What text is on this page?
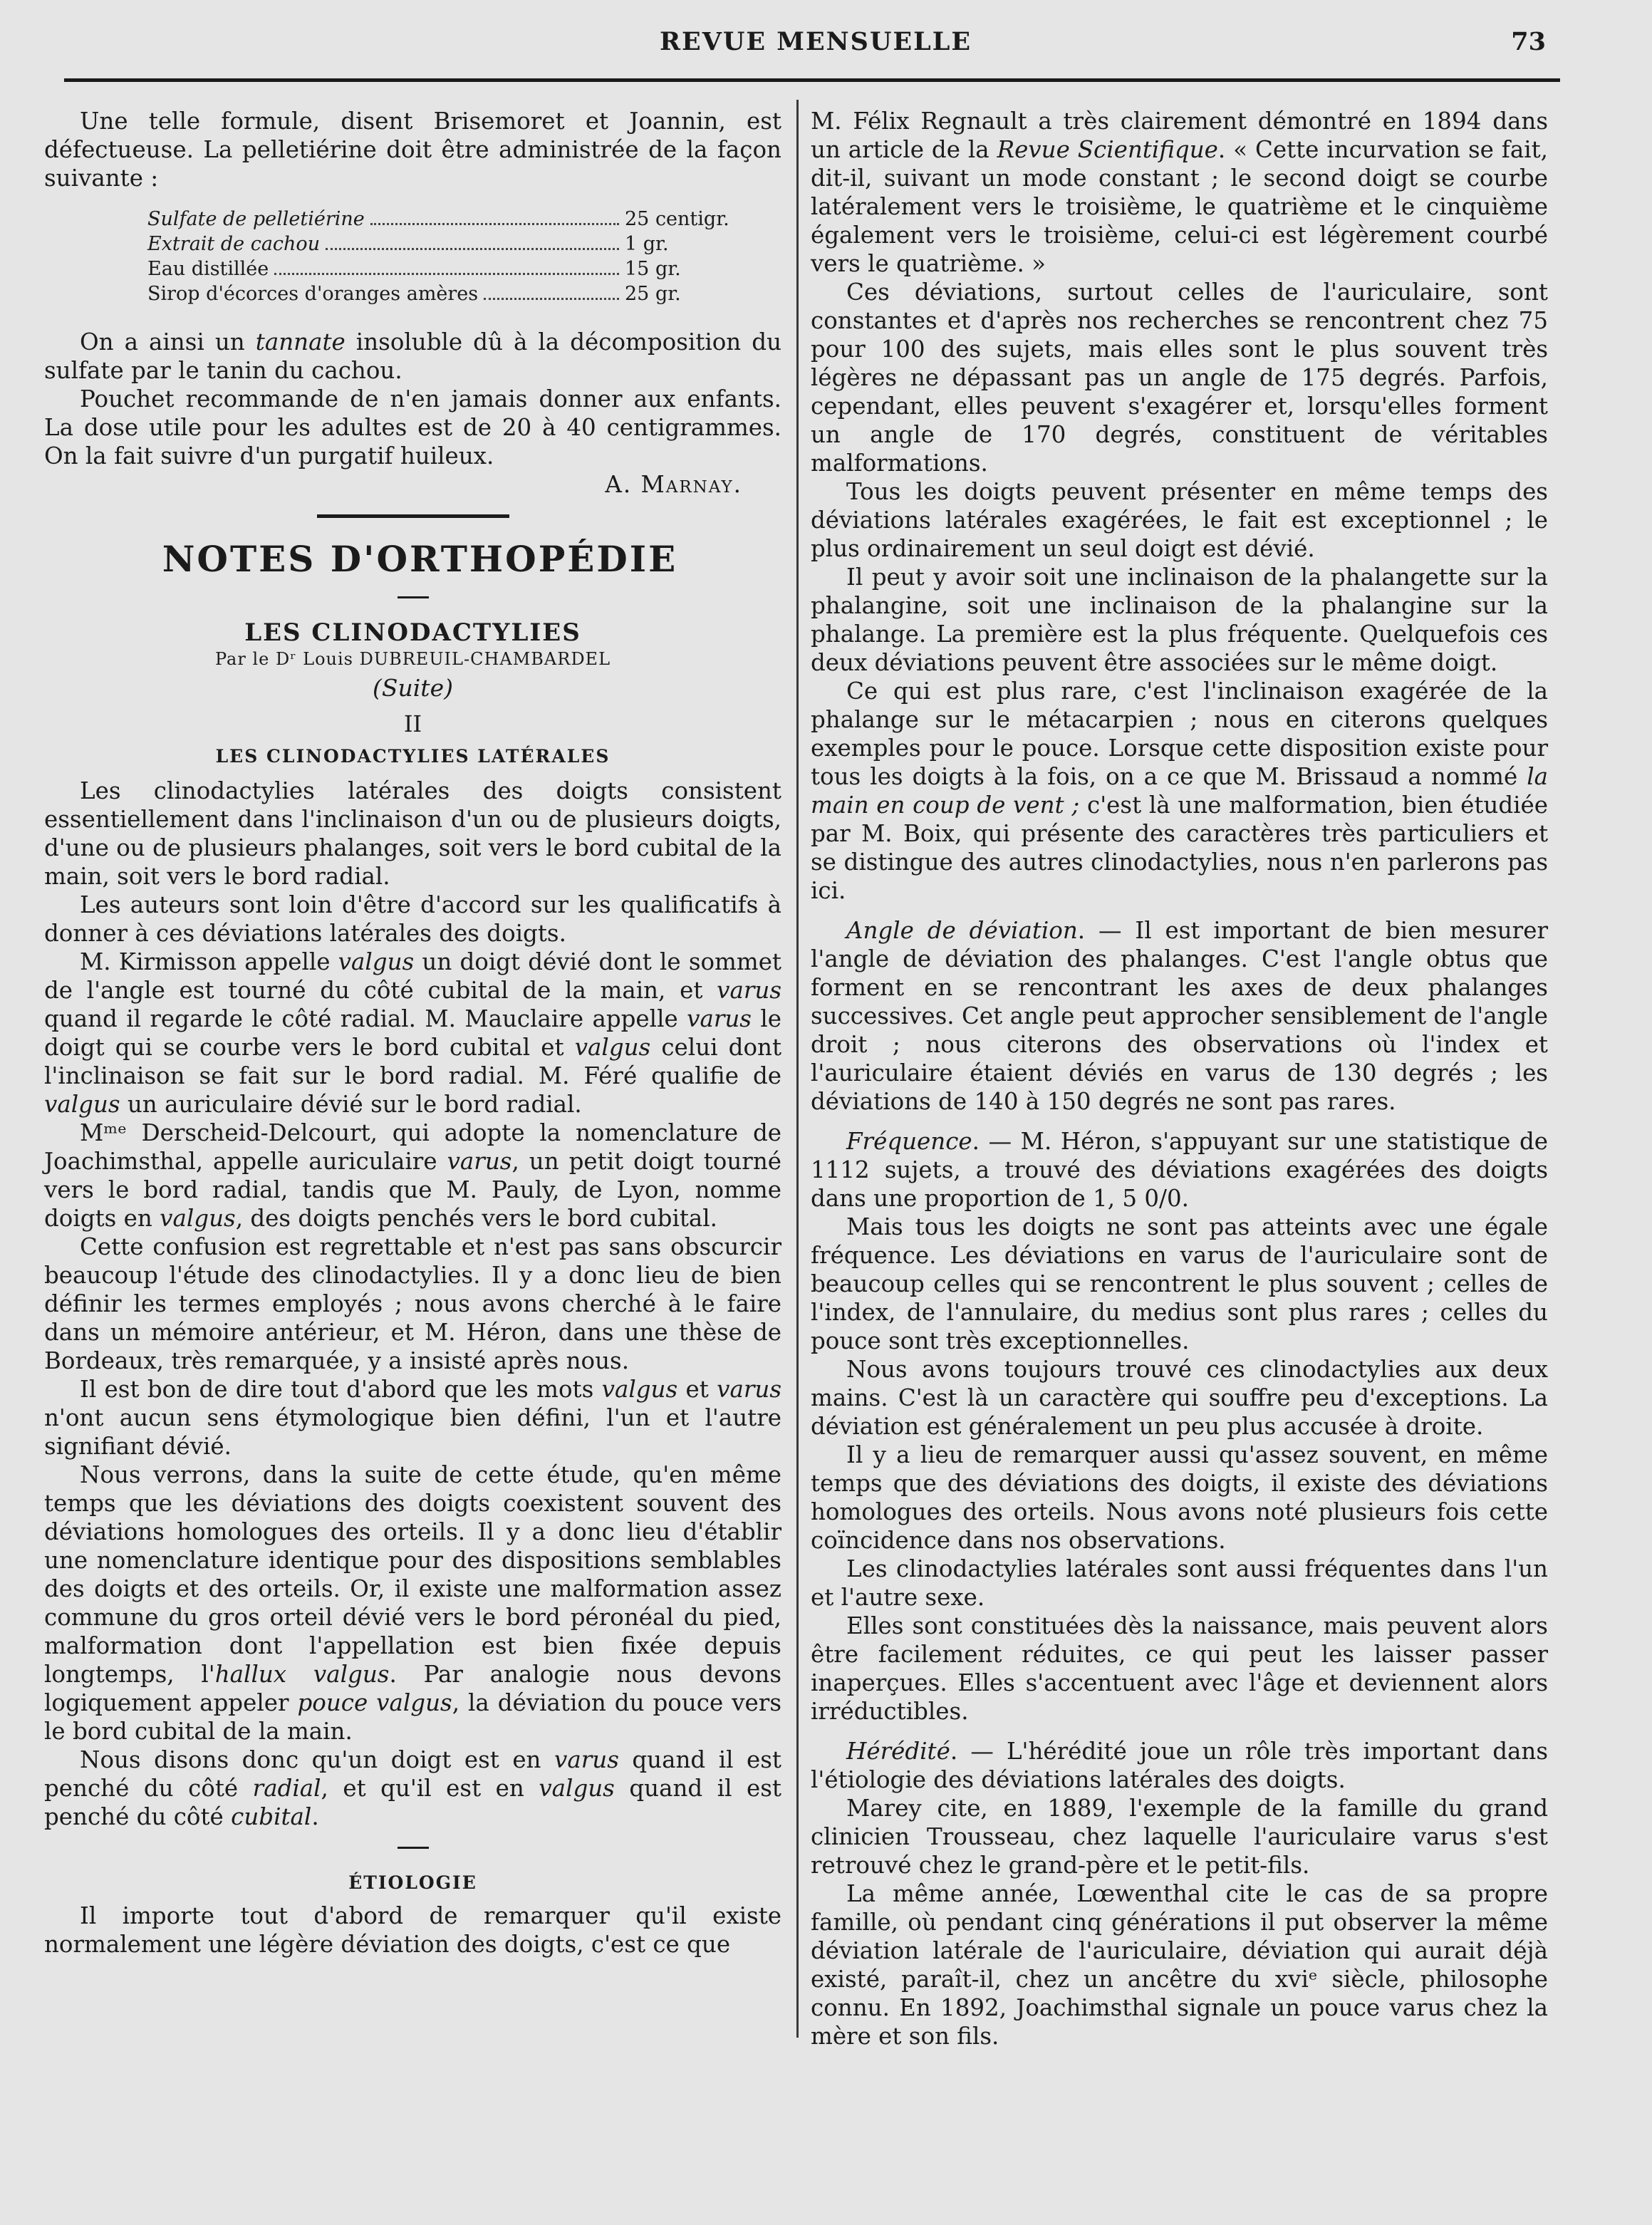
REVUE MENSUELLE	73

Une telle formule, disent Brisemoret et Joannin, est défectueuse. La pelletiérine doit être administrée de la façon suivante :

Sulfate de pelletiérine	25 centigr.
Extrait de cachou	1 gr.
Eau distillée	15 gr.
Sirop d'écorces d'oranges amères	25 gr.

On a ainsi un tannate insoluble dû à la décomposition du sulfate par le tanin du cachou.

Pouchet recommande de n'en jamais donner aux enfants. La dose utile pour les adultes est de 20 à 40 centigrammes. On la fait suivre d'un purgatif huileux.

A. Marnay.
NOTES D'ORTHOPÉDIE
LES CLINODACTYLIES
Par le Dʳ Louis DUBREUIL-CHAMBARDEL
(Suite)
II
LES CLINODACTYLIES LATÉRALES

Les clinodactylies latérales des doigts consistent essentiellement dans l'inclinaison d'un ou de plusieurs doigts, d'une ou de plusieurs phalanges, soit vers le bord cubital de la main, soit vers le bord radial.

Les auteurs sont loin d'être d'accord sur les qualificatifs à donner à ces déviations latérales des doigts.

M. Kirmisson appelle valgus un doigt dévié dont le sommet de l'angle est tourné du côté cubital de la main, et varus quand il regarde le côté radial. M. Mauclaire appelle varus le doigt qui se courbe vers le bord cubital et valgus celui dont l'inclinaison se fait sur le bord radial. M. Féré qualifie de valgus un auriculaire dévié sur le bord radial.

Mᵐᵉ Derscheid-Delcourt, qui adopte la nomenclature de Joachimsthal, appelle auriculaire varus, un petit doigt tourné vers le bord radial, tandis que M. Pauly, de Lyon, nomme doigts en valgus, des doigts penchés vers le bord cubital.

Cette confusion est regrettable et n'est pas sans obscurcir beaucoup l'étude des clinodactylies. Il y a donc lieu de bien définir les termes employés ; nous avons cherché à le faire dans un mémoire antérieur, et M. Héron, dans une thèse de Bordeaux, très remarquée, y a insisté après nous.

Il est bon de dire tout d'abord que les mots valgus et varus n'ont aucun sens étymologique bien défini, l'un et l'autre signifiant dévié.

Nous verrons, dans la suite de cette étude, qu'en même temps que les déviations des doigts coexistent souvent des déviations homologues des orteils. Il y a donc lieu d'établir une nomenclature identique pour des dispositions semblables des doigts et des orteils. Or, il existe une malformation assez commune du gros orteil dévié vers le bord péronéal du pied, malformation dont l'appellation est bien fixée depuis longtemps, l'hallux valgus. Par analogie nous devons logiquement appeler pouce valgus, la déviation du pouce vers le bord cubital de la main.

Nous disons donc qu'un doigt est en varus quand il est penché du côté radial, et qu'il est en valgus quand il est penché du côté cubital.

ÉTIOLOGIE

Il importe tout d'abord de remarquer qu'il existe normalement une légère déviation des doigts, c'est ce que

M. Félix Regnault a très clairement démontré en 1894 dans un article de la Revue Scientifique. « Cette incurvation se fait, dit-il, suivant un mode constant ; le second doigt se courbe latéralement vers le troisième, le quatrième et le cinquième également vers le troisième, celui-ci est légèrement courbé vers le quatrième. »

Ces déviations, surtout celles de l'auriculaire, sont constantes et d'après nos recherches se rencontrent chez 75 pour 100 des sujets, mais elles sont le plus souvent très légères ne dépassant pas un angle de 175 degrés. Parfois, cependant, elles peuvent s'exagérer et, lorsqu'elles forment un angle de 170 degrés, constituent de véritables malformations.

Tous les doigts peuvent présenter en même temps des déviations latérales exagérées, le fait est exceptionnel ; le plus ordinairement un seul doigt est dévié.

Il peut y avoir soit une inclinaison de la phalangette sur la phalangine, soit une inclinaison de la phalangine sur la phalange. La première est la plus fréquente. Quelquefois ces deux déviations peuvent être associées sur le même doigt.

Ce qui est plus rare, c'est l'inclinaison exagérée de la phalange sur le métacarpien ; nous en citerons quelques exemples pour le pouce. Lorsque cette disposition existe pour tous les doigts à la fois, on a ce que M. Brissaud a nommé la main en coup de vent ; c'est là une malformation, bien étudiée par M. Boix, qui présente des caractères très particuliers et se distingue des autres clinodactylies, nous n'en parlerons pas ici.

Angle de déviation. — Il est important de bien mesurer l'angle de déviation des phalanges. C'est l'angle obtus que forment en se rencontrant les axes de deux phalanges successives. Cet angle peut approcher sensiblement de l'angle droit ; nous citerons des observations où l'index et l'auriculaire étaient déviés en varus de 130 degrés ; les déviations de 140 à 150 degrés ne sont pas rares.

Fréquence. — M. Héron, s'appuyant sur une statistique de 1112 sujets, a trouvé des déviations exagérées des doigts dans une proportion de 1, 5 0/0.

Mais tous les doigts ne sont pas atteints avec une égale fréquence. Les déviations en varus de l'auriculaire sont de beaucoup celles qui se rencontrent le plus souvent ; celles de l'index, de l'annulaire, du medius sont plus rares ; celles du pouce sont très exceptionnelles.

Nous avons toujours trouvé ces clinodactylies aux deux mains. C'est là un caractère qui souffre peu d'exceptions. La déviation est généralement un peu plus accusée à droite.

Il y a lieu de remarquer aussi qu'assez souvent, en même temps que des déviations des doigts, il existe des déviations homologues des orteils. Nous avons noté plusieurs fois cette coïncidence dans nos observations.

Les clinodactylies latérales sont aussi fréquentes dans l'un et l'autre sexe.

Elles sont constituées dès la naissance, mais peuvent alors être facilement réduites, ce qui peut les laisser passer inaperçues. Elles s'accentuent avec l'âge et deviennent alors irréductibles.

Hérédité. — L'hérédité joue un rôle très important dans l'étiologie des déviations latérales des doigts.

Marey cite, en 1889, l'exemple de la famille du grand clinicien Trousseau, chez laquelle l'auriculaire varus s'est retrouvé chez le grand-père et le petit-fils.

La même année, Lœwenthal cite le cas de sa propre famille, où pendant cinq générations il put observer la même déviation latérale de l'auriculaire, déviation qui aurait déjà existé, paraît-il, chez un ancêtre du xviᵉ siècle, philosophe connu. En 1892, Joachimsthal signale un pouce varus chez la mère et son fils.
